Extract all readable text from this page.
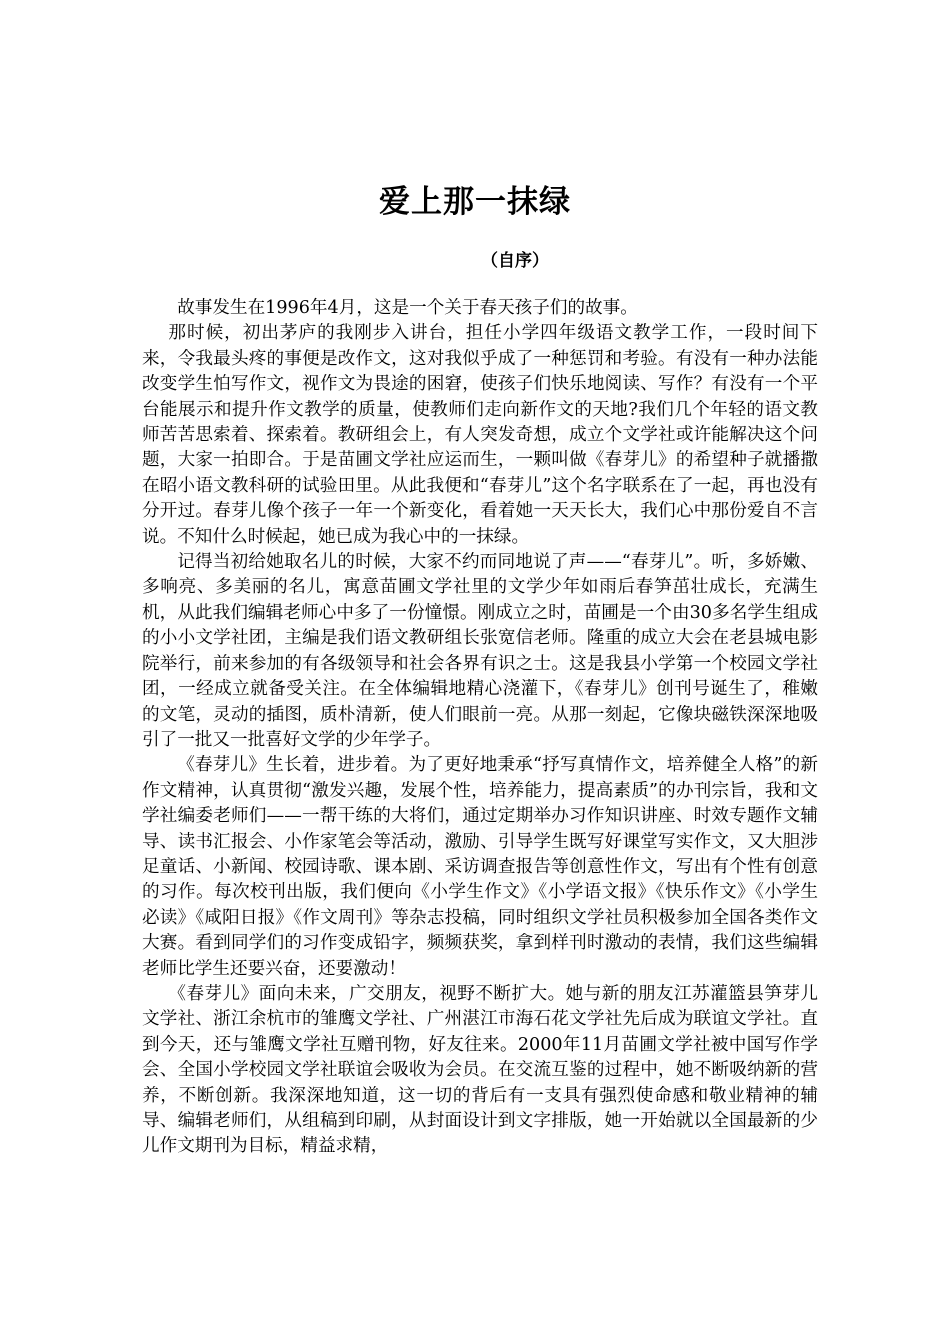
爱上那一抹绿
（自序）

故事发生在1996年4月，这是一个关于春天孩子们的故事。

那时候，初出茅庐的我刚步入讲台，担任小学四年级语文教学工作，一段时间下来，令我最头疼的事便是改作文，这对我似乎成了一种惩罚和考验。有没有一种办法能改变学生怕写作文，视作文为畏途的困窘，使孩子们快乐地阅读、写作？有没有一个平台能展示和提升作文教学的质量，使教师们走向新作文的天地?我们几个年轻的语文教师苦苦思索着、探索着。教研组会上，有人突发奇想，成立个文学社或许能解决这个问题，大家一拍即合。于是苗圃文学社应运而生，一颗叫做《春芽儿》的希望种子就播撒在昭小语文教科研的试验田里。从此我便和“春芽儿”这个名字联系在了一起，再也没有分开过。春芽儿像个孩子一年一个新变化，看着她一天天长大，我们心中那份爱自不言说。不知什么时候起，她已成为我心中的一抹绿。

记得当初给她取名儿的时候，大家不约而同地说了声——“春芽儿”。听，多娇嫩、多响亮、多美丽的名儿，寓意苗圃文学社里的文学少年如雨后春笋茁壮成长，充满生机，从此我们编辑老师心中多了一份憧憬。刚成立之时，苗圃是一个由30多名学生组成的小小文学社团，主编是我们语文教研组长张宽信老师。隆重的成立大会在老县城电影院举行，前来参加的有各级领导和社会各界有识之士。这是我县小学第一个校园文学社团，一经成立就备受关注。在全体编辑地精心浇灌下，《春芽儿》创刊号诞生了，稚嫩的文笔，灵动的插图，质朴清新，使人们眼前一亮。从那一刻起，它像块磁铁深深地吸引了一批又一批喜好文学的少年学子。

《春芽儿》生长着，进步着。为了更好地秉承“抒写真情作文，培养健全人格”的新作文精神，认真贯彻“激发兴趣，发展个性，培养能力，提高素质”的办刊宗旨，我和文学社编委老师们——一帮干练的大将们，通过定期举办习作知识讲座、时效专题作文辅导、读书汇报会、小作家笔会等活动，激励、引导学生既写好课堂写实作文，又大胆涉足童话、小新闻、校园诗歌、课本剧、采访调查报告等创意性作文，写出有个性有创意的习作。每次校刊出版，我们便向《小学生作文》《小学语文报》《快乐作文》《小学生必读》《咸阳日报》《作文周刊》等杂志投稿，同时组织文学社员积极参加全国各类作文大赛。看到同学们的习作变成铅字，频频获奖，拿到样刊时激动的表情，我们这些编辑老师比学生还要兴奋，还要激动！

《春芽儿》面向未来，广交朋友，视野不断扩大。她与新的朋友江苏灌篮县笋芽儿文学社、浙江余杭市的雏鹰文学社、广州湛江市海石花文学社先后成为联谊文学社。直到今天，还与雏鹰文学社互赠刊物，好友往来。2000年11月苗圃文学社被中国写作学会、全国小学校园文学社联谊会吸收为会员。在交流互鉴的过程中，她不断吸纳新的营养，不断创新。我深深地知道，这一切的背后有一支具有强烈使命感和敬业精神的辅导、编辑老师们，从组稿到印刷，从封面设计到文字排版，她一开始就以全国最新的少儿作文期刊为目标，精益求精，
